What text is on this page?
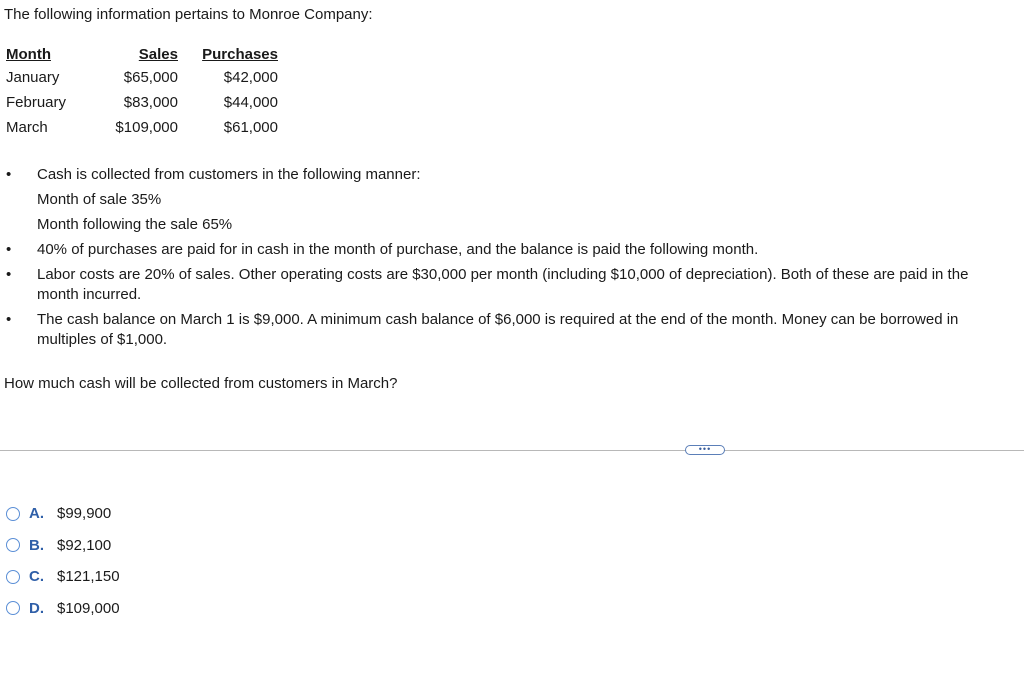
The following information pertains to Monroe Company:
Month	Sales	Purchases
January	$65,000	$42,000
February	$83,000	$44,000
March	$109,000	$61,000
• Cash is collected from customers in the following manner:
Month of sale 35%
Month following the sale 65%
• 40% of purchases are paid for in cash in the month of purchase, and the balance is paid the following month.
• Labor costs are 20% of sales. Other operating costs are $30,000 per month (including $10,000 of depreciation). Both of these are paid in the month incurred.
• The cash balance on March 1 is $9,000. A minimum cash balance of $6,000 is required at the end of the month. Money can be borrowed in multiples of $1,000.
How much cash will be collected from customers in March?
•••
A. $99,900
B. $92,100
C. $121,150
D. $109,000
